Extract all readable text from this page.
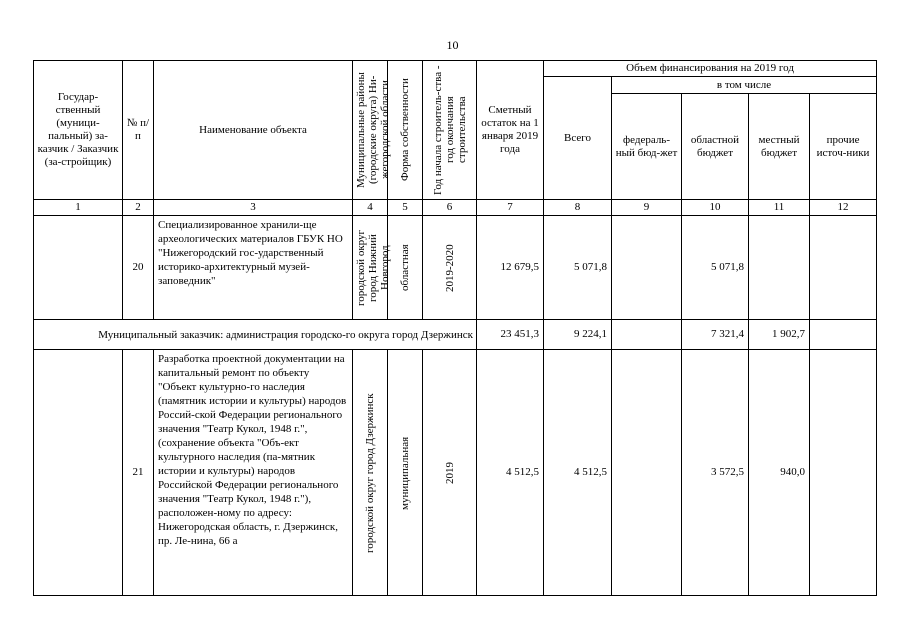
10
Государ-ственный (муници-пальный) за-казчик / Заказчик (за-стройщик)	№ п/п	Наименование объекта	Муниципальные районы (городские округа) Ни-жегородской области	Форма собственности	Год начала строитель-ства - год окончания строительства	Сметный остаток на 1 января 2019 года	Объем финансирования на 2019 год				
							Всего	в том числе			
								федераль-ный бюд-жет	областной бюджет	местный бюджет	прочие источ-ники
1	2	3	4	5	6	7	8	9	10	11	12
	20	Специализированное хранили-ще археологических материалов ГБУК НО "Нижегородский гос-ударственный историко-архитектурный музей-заповедник"	городской округ город Нижний Новгород	областная	2019-2020	12 679,5	5 071,8		5 071,8		
Муниципальный заказчик: администрация городско-го округа город Дзержинск						23 451,3	9 224,1		7 321,4	1 902,7	
	21	Разработка проектной документации на капитальный ремонт по объекту "Объект культурно-го наследия (памятник истории и культуры) народов Россий-ской Федерации регионального значения "Театр Кукол, 1948 г.", (сохранение объекта "Объ-ект культурного наследия (па-мятник истории и культуры) народов Российской Федерации регионального значения "Театр Кукол, 1948 г."), расположен-ному по адресу: Нижегородская область, г. Дзержинск, пр. Ле-нина, 66 а	городской округ город Дзержинск	муниципальная	2019	4 512,5	4 512,5		3 572,5	940,0	
